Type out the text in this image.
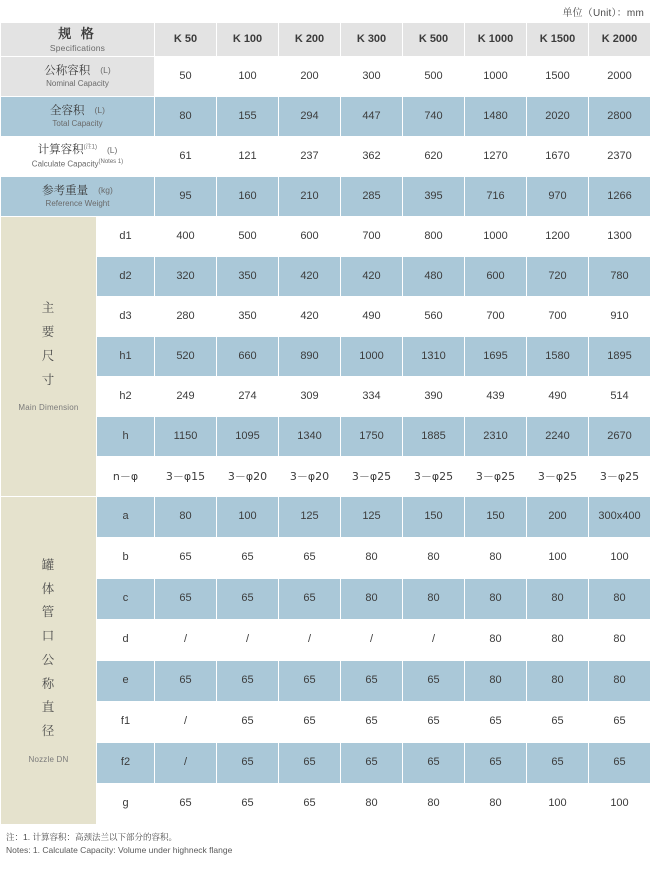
单位（Unit）：mm
规 格
Specifications		K 50	K 100	K 200	K 300	K 500	K 1000	K 1500	K 2000
公称容积 (L)
Nominal Capacity		50	100	200	300	500	1000	1500	2000
全容积 (L)
Total Capacity		80	155	294	447	740	1480	2020	2800
计算容积$^{(注1)}$ (L)
Calculate Capacity$^{(Notes 1)}$		61	121	237	362	620	1270	1670	2370
参考重量 (kg)
Reference Weight		95	160	210	285	395	716	970	1266

主
要
尺
寸
Main Dimension	d1	400	500	600	700	800	1000	1200	1300
	d2	320	350	420	420	480	600	720	780
	d3	280	350	420	490	560	700	700	910
	h1	520	660	890	1000	1310	1695	1580	1895
	h2	249	274	309	334	390	439	490	514
	h	1150	1095	1340	1750	1885	2310	2240	2670
	n－φ	3－φ15	3－φ20	3－φ20	3－φ25	3－φ25	3－φ25	3－φ25	3－φ25

罐
体
管
口
公
称
直
径
Nozzle DN
	a	80	100	125	125	150	150	200	300x400
	b	65	65	65	80	80	80	100	100
	c	65	65	65	80	80	80	80	80
	d	/	/	/	/	/	80	80	80
	e	65	65	65	65	65	80	80	80
	f1	/	65	65	65	65	65	65	65
	f2	/	65	65	65	65	65	65	65
	g	65	65	65	80	80	80	100	100
注：1. 计算容积：高颈法兰以下部分的容积。
Notes: 1. Calculate Capacity: Volume under highneck flange
